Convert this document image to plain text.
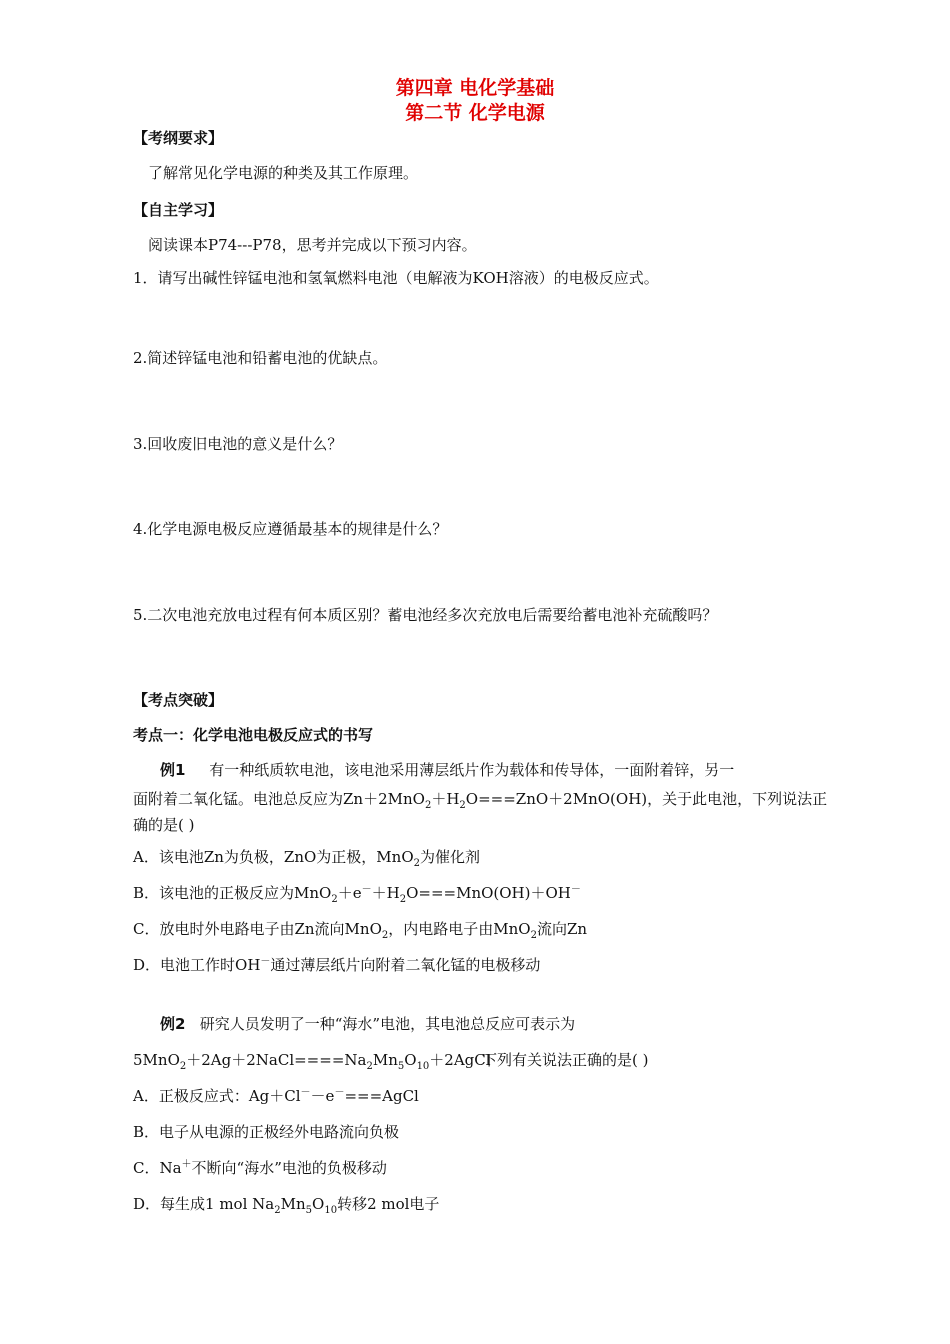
第四章 电化学基础
第二节 化学电源
【考纲要求】
了解常见化学电源的种类及其工作原理。
【自主学习】
阅读课本P74---P78，思考并完成以下预习内容。
1．请写出碱性锌锰电池和氢氧燃料电池（电解液为KOH溶液）的电极反应式。
2.简述锌锰电池和铅蓄电池的优缺点。
3.回收废旧电池的意义是什么？
4.化学电源电极反应遵循最基本的规律是什么？
5.二次电池充放电过程有何本质区别？蓄电池经多次充放电后需要给蓄电池补充硫酸吗？
【考点突破】
考点一：化学电池电极反应式的书写
例1 有一种纸质软电池，该电池采用薄层纸片作为载体和传导体，一面附着锌，另一
面附着二氧化锰。电池总反应为$Zn+2MnO_2+H_2O===ZnO+2MnO(OH)$，关于此电池，下列说法正
确的是( )
A．该电池Zn为负极，ZnO为正极，MnO$_2$为催化剂
B．该电池的正极反应为$MnO_2+e^-+H_2O===MnO(OH)+OH^-$
C．放电时外电路电子由Zn流向MnO$_2$，内电路电子由MnO$_2$流向Zn
D．电池工作时OH－通过薄层纸片向附着二氧化锰的电极移动
例2 研究人员发明了一种“海水”电池，其电池总反应可表示为
$5MnO_2+2Ag+2NaCl====Na_2Mn_5O_{10}+2AgCl$
下列有关说法正确的是( )
A．正极反应式：Ag＋Cl－－e－===AgCl
B．电子从电源的正极经外电路流向负极
C．Na＋不断向“海水”电池的负极移动
D．每生成1 mol $Na_2Mn_5O_{10}$转移2 mol电子
